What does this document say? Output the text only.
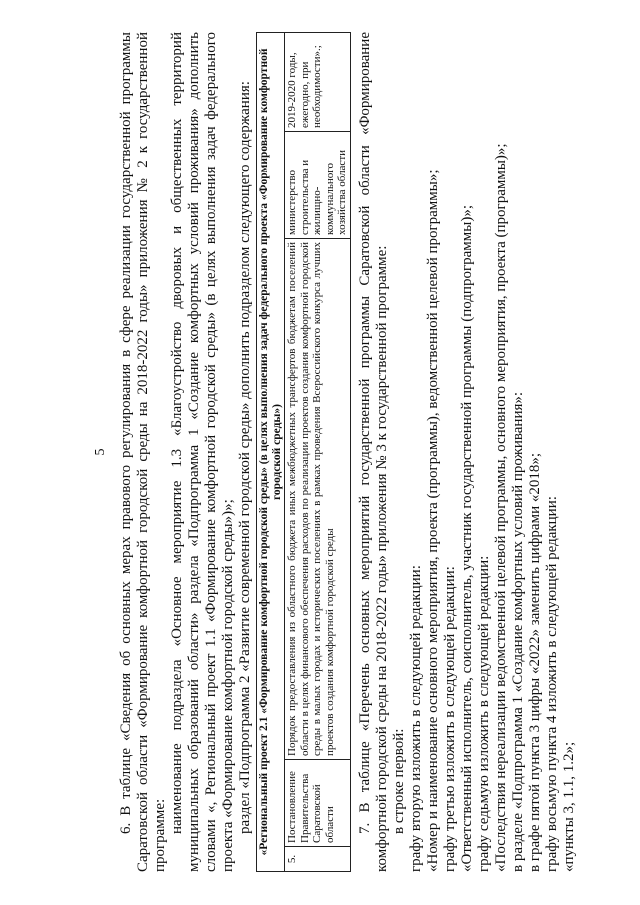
5 6. В таблице «Сведения об основных мерах правового регулирования в сфере реализации государственной программы Саратовской области «Формирование комфортной городской среды на 2018-2022 годы» приложения № 2 к государственной программе:

наименование подраздела «Основное мероприятие 1.3 «Благоустройство дворовых и общественных территорий муниципальных образований области» раздела «Подпрограмма 1 «Создание комфортных условий проживания» дополнить словами «, Региональный проект 1.1 «Формирование комфортной городской среды» (в целях выполнения задач федерального проекта «Формирование комфортной городской среды»)»; раздел «Подпрограмма 2 «Развитие современной городской среды» дополнить подразделом следующего содержания: «Региональный проект 2.1 «Формирование комфортной городской среды» (в целях выполнения задач федерального проекта «Формирование комфортной городской среды»)
5.	Постановление Правительства Саратовской области	Порядок предоставления из областного бюджета иных межбюджетных трансфертов бюджетам поселений области в целях финансового обеспечения расходов по реализации проектов создания комфортной городской среды в малых городах и исторических поселениях в рамках проведения Всероссийского конкурса лучших проектов создания комфортной городской среды	министерство строительства и жилищно-коммунального хозяйства области	2019-2020 годы, ежегодно, при необходимости».; 7. В таблице «Перечень основных мероприятий государственной программы Саратовской области «Формирование комфортной городской среды на 2018-2022 годы» приложения № 3 к государственной программе: в строке первой: графу вторую изложить в следующей редакции: «Номер и наименование основного мероприятия, проекта (программы), ведомственной целевой программы»; графу третью изложить в следующей редакции: «Ответственный исполнитель, соисполнитель, участник государственной программы (подпрограммы)»; графу седьмую изложить в следующей редакции: «Последствия нереализации ведомственной целевой программы, основного мероприятия, проекта (программы)»; в разделе «Подпрограмма 1 «Создание комфортных условий проживания»: в графе пятой пункта 3 цифры «2022» заменить цифрами «2018»; графу восьмую пункта 4 изложить в следующей редакции: «пункты 3, 1.1, 1.2»;
